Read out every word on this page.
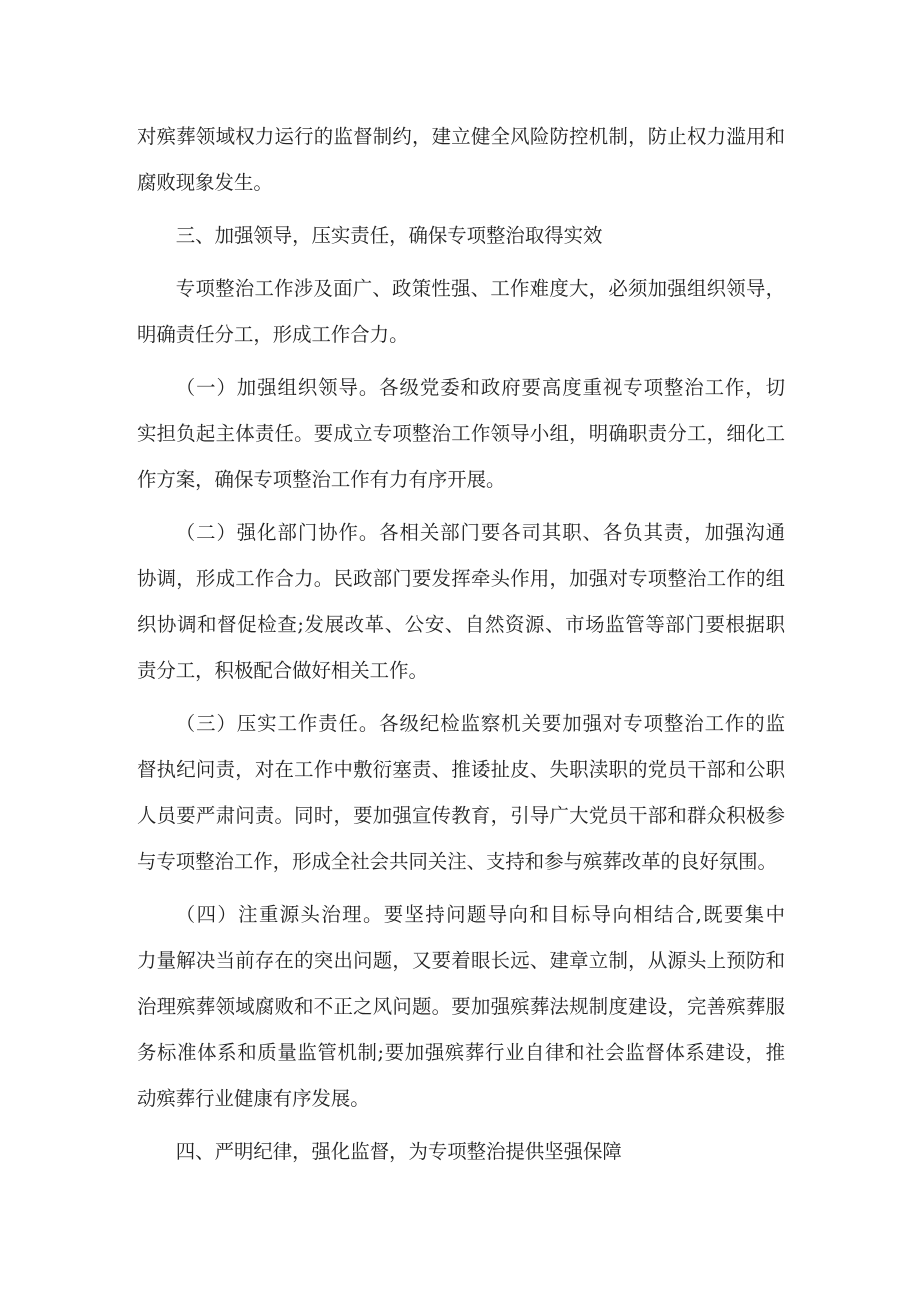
对殡葬领域权力运行的监督制约，建立健全风险防控机制，防止权力滥用和
腐败现象发生。
三、加强领导，压实责任，确保专项整治取得实效
专项整治工作涉及面广、政策性强、工作难度大，必须加强组织领导，
明确责任分工，形成工作合力。
（一）加强组织领导。各级党委和政府要高度重视专项整治工作，切
实担负起主体责任。要成立专项整治工作领导小组，明确职责分工，细化工
作方案，确保专项整治工作有力有序开展。
（二）强化部门协作。各相关部门要各司其职、各负其责，加强沟通
协调，形成工作合力。民政部门要发挥牵头作用，加强对专项整治工作的组
织协调和督促检查;发展改革、公安、自然资源、市场监管等部门要根据职
责分工，积极配合做好相关工作。
（三）压实工作责任。各级纪检监察机关要加强对专项整治工作的监
督执纪问责，对在工作中敷衍塞责、推诿扯皮、失职渎职的党员干部和公职
人员要严肃问责。同时，要加强宣传教育，引导广大党员干部和群众积极参
与专项整治工作，形成全社会共同关注、支持和参与殡葬改革的良好氛围。
（四）注重源头治理。要坚持问题导向和目标导向相结合,既要集中
力量解决当前存在的突出问题，又要着眼长远、建章立制，从源头上预防和
治理殡葬领域腐败和不正之风问题。要加强殡葬法规制度建设，完善殡葬服
务标准体系和质量监管机制;要加强殡葬行业自律和社会监督体系建设，推
动殡葬行业健康有序发展。
四、严明纪律，强化监督，为专项整治提供坚强保障
